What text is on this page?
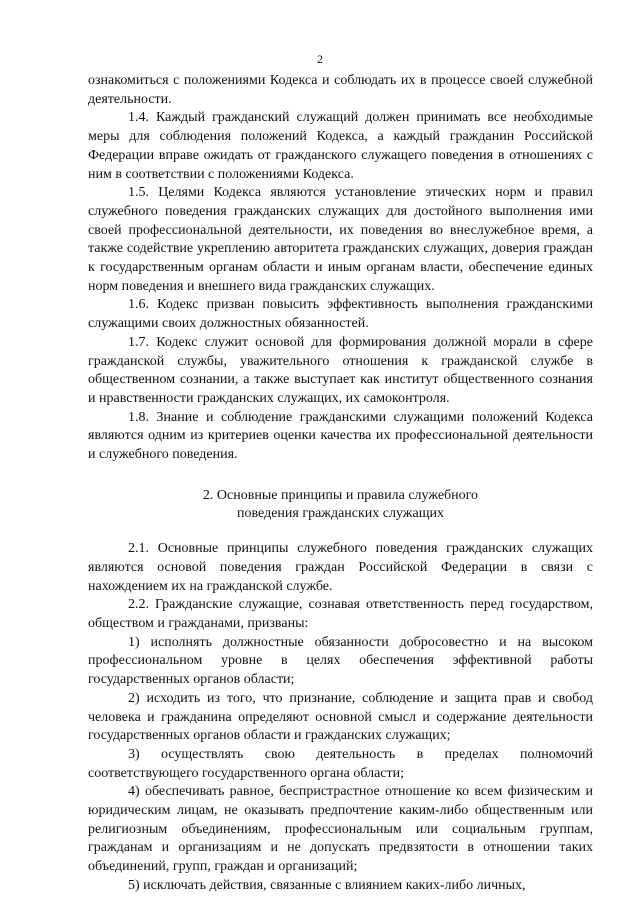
2

ознакомиться с положениями Кодекса и соблюдать их в процессе своей служебной деятельности.

1.4. Каждый гражданский служащий должен принимать все необходимые меры для соблюдения положений Кодекса, а каждый гражданин Российской Федерации вправе ожидать от гражданского служащего поведения в отношениях с ним в соответствии с положениями Кодекса.

1.5. Целями Кодекса являются установление этических норм и правил служебного поведения гражданских служащих для достойного выполнения ими своей профессиональной деятельности, их поведения во внеслужебное время, а также содействие укреплению авторитета гражданских служащих, доверия граждан к государственным органам области и иным органам власти, обеспечение единых норм поведения и внешнего вида гражданских служащих.

1.6. Кодекс призван повысить эффективность выполнения гражданскими служащими своих должностных обязанностей.

1.7. Кодекс служит основой для формирования должной морали в сфере гражданской службы, уважительного отношения к гражданской службе в общественном сознании, а также выступает как институт общественного сознания и нравственности гражданских служащих, их самоконтроля.

1.8. Знание и соблюдение гражданскими служащими положений Кодекса являются одним из критериев оценки качества их профессиональной деятельности и служебного поведения.

2. Основные принципы и правила служебного
поведения гражданских служащих

2.1. Основные принципы служебного поведения гражданских служащих являются основой поведения граждан Российской Федерации в связи с нахождением их на гражданской службе.

2.2. Гражданские служащие, сознавая ответственность перед государством, обществом и гражданами, призваны:

1) исполнять должностные обязанности добросовестно и на высоком профессиональном уровне в целях обеспечения эффективной работы государственных органов области;

2) исходить из того, что признание, соблюдение и защита прав и свобод человека и гражданина определяют основной смысл и содержание деятельности государственных органов области и гражданских служащих;

3) осуществлять свою деятельность в пределах полномочий соответствующего государственного органа области;

4) обеспечивать равное, беспристрастное отношение ко всем физическим и юридическим лицам, не оказывать предпочтение каким-либо общественным или религиозным объединениям, профессиональным или социальным группам, гражданам и организациям и не допускать предвзятости в отношении таких объединений, групп, граждан и организаций;

5) исключать действия, связанные с влиянием каких-либо личных,
